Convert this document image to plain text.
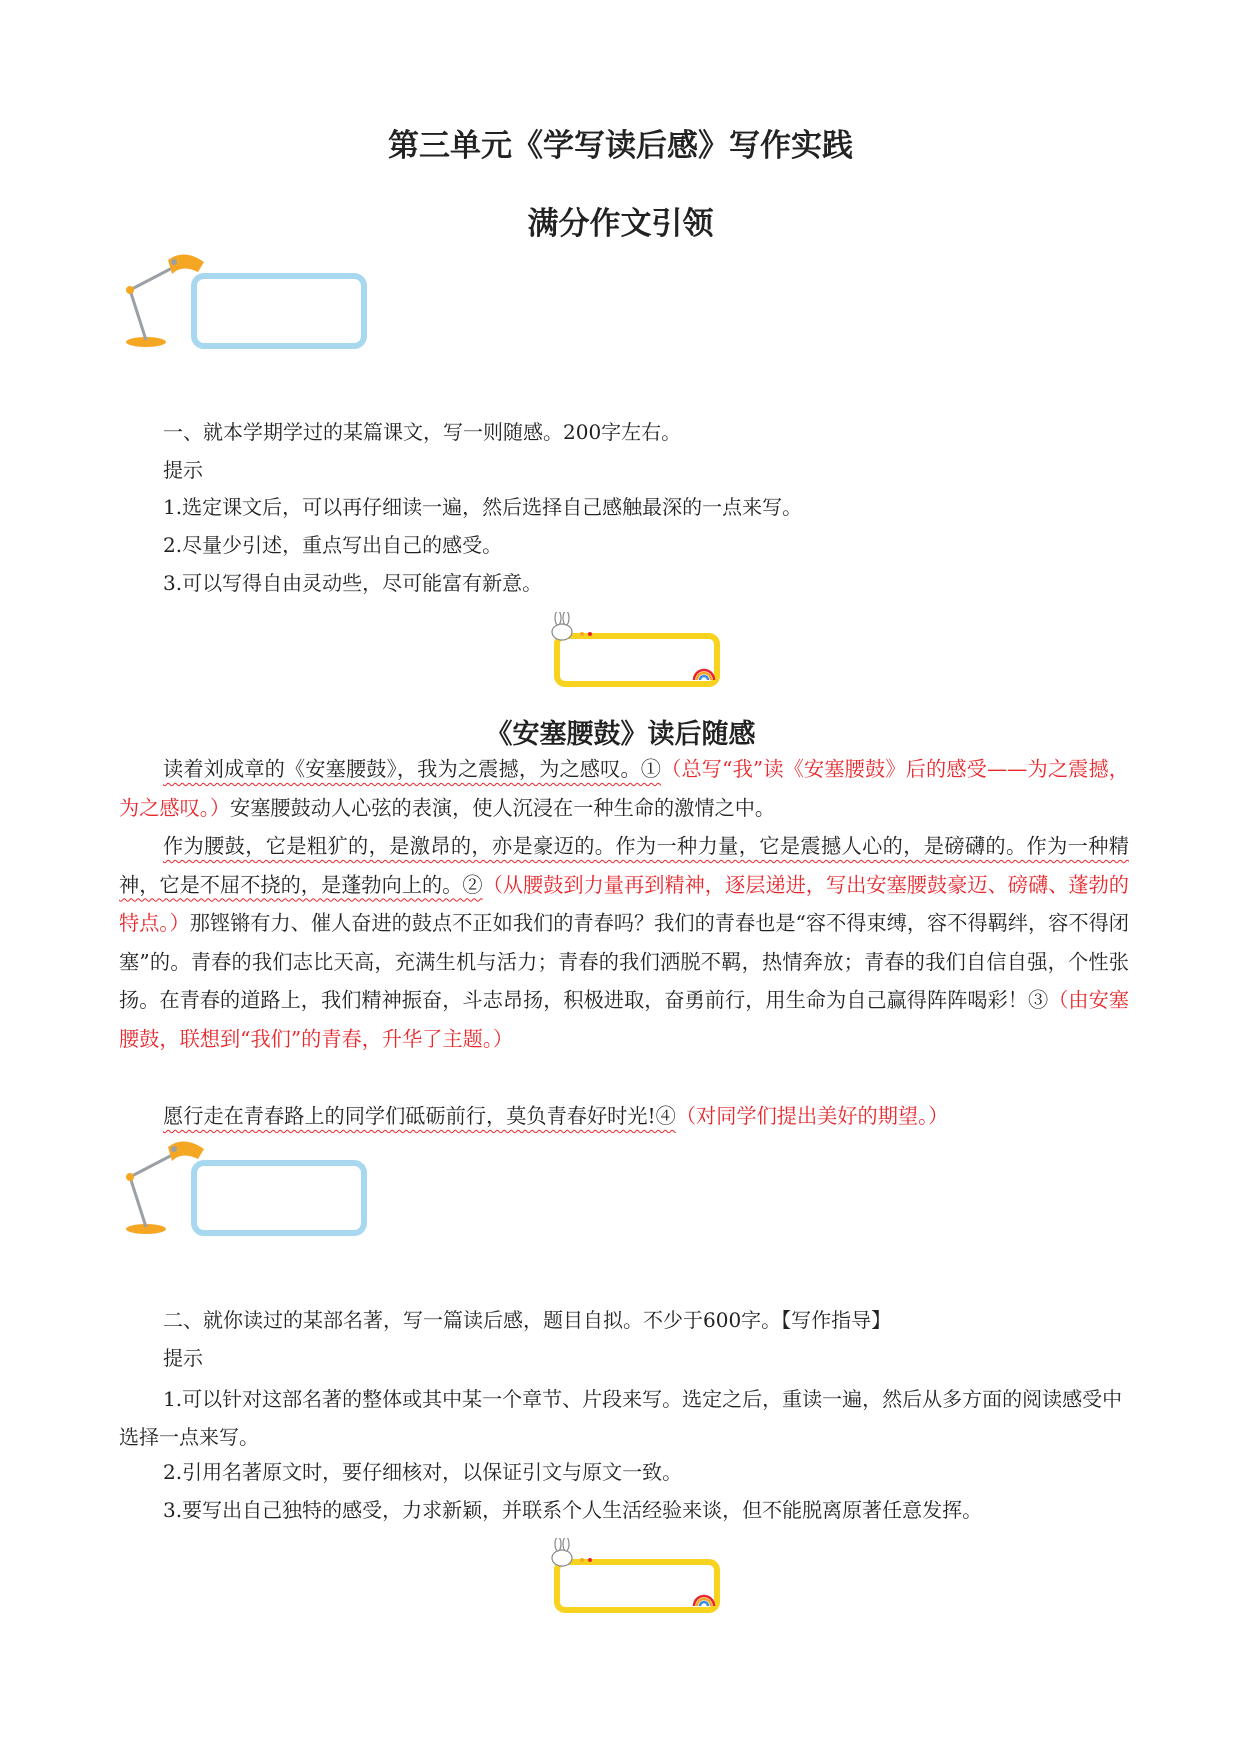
第三单元《学写读后感》写作实践
满分作文引领
一、就本学期学过的某篇课文，写一则随感。200字左右。
提示
1.选定课文后，可以再仔细读一遍，然后选择自己感触最深的一点来写。
2.尽量少引述，重点写出自己的感受。
3.可以写得自由灵动些，尽可能富有新意。
《安塞腰鼓》读后随感
读着刘成章的《安塞腰鼓》，我为之震撼，为之感叹。①（总写“我”读《安塞腰鼓》后的感受——为之震撼，为之感叹。）安塞腰鼓动人心弦的表演，使人沉浸在一种生命的激情之中。
作为腰鼓，它是粗犷的，是激昂的，亦是豪迈的。作为一种力量，它是震撼人心的，是磅礴的。作为一种精神，它是不屈不挠的，是蓬勃向上的。②（从腰鼓到力量再到精神，逐层递进，写出安塞腰鼓豪迈、磅礴、蓬勃的特点。）那铿锵有力、催人奋进的鼓点不正如我们的青春吗？我们的青春也是“容不得束缚，容不得羁绊，容不得闭塞”的。青春的我们志比天高，充满生机与活力；青春的我们洒脱不羁，热情奔放；青春的我们自信自强，个性张扬。在青春的道路上，我们精神振奋，斗志昂扬，积极进取，奋勇前行，用生命为自己赢得阵阵喝彩！③（由安塞腰鼓，联想到“我们”的青春，升华了主题。）
愿行走在青春路上的同学们砥砺前行，莫负青春好时光!④（对同学们提出美好的期望。）
二、就你读过的某部名著，写一篇读后感，题目自拟。不少于600字。【写作指导】
提示
1.可以针对这部名著的整体或其中某一个章节、片段来写。选定之后，重读一遍，然后从多方面的阅读感受中选择一点来写。
2.引用名著原文时，要仔细核对，以保证引文与原文一致。
3.要写出自己独特的感受，力求新颖，并联系个人生活经验来谈，但不能脱离原著任意发挥。
